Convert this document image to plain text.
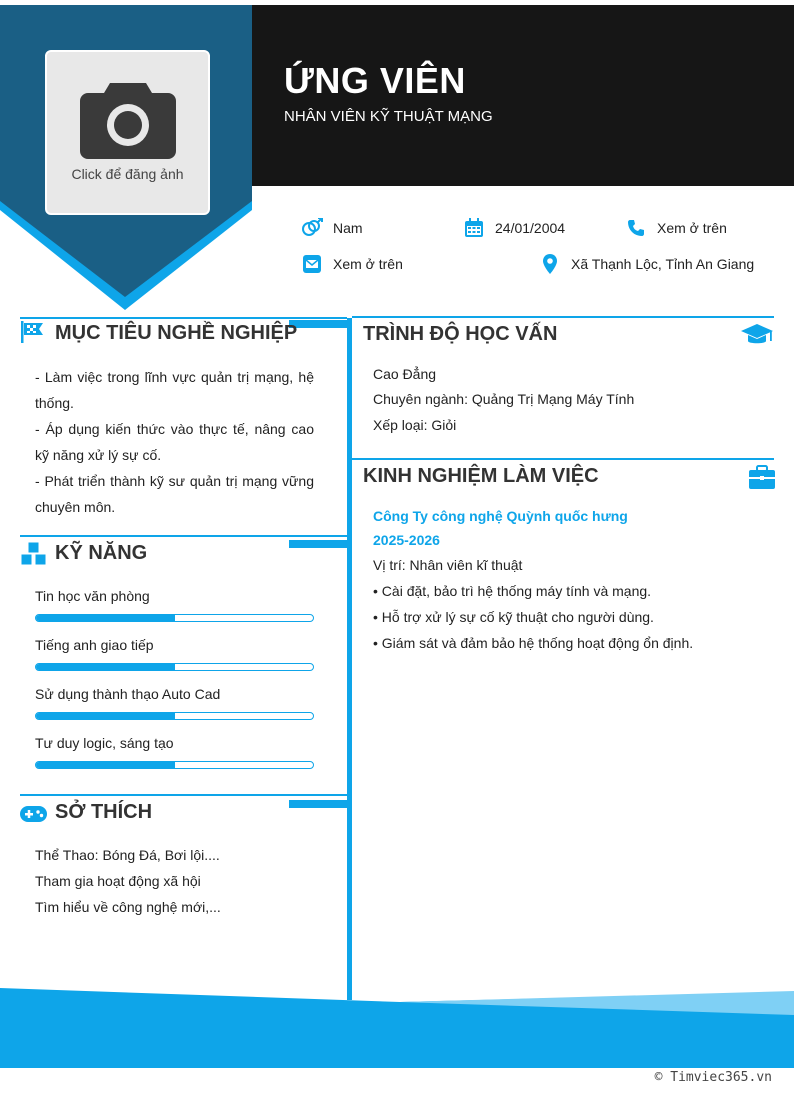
Click để đăng ảnh
ỨNG VIÊN
NHÂN VIÊN KỸ THUẬT MẠNG
Nam	24/01/2004	Xem ở trên
Xem ở trên	Xã Thạnh Lộc, Tỉnh An Giang
MỤC TIÊU NGHỀ NGHIỆP
- Làm việc trong lĩnh vực quản trị mạng, hệ thống.
- Áp dụng kiến thức vào thực tế, nâng cao kỹ năng xử lý sự cố.
- Phát triển thành kỹ sư quản trị mạng vững chuyên môn.
KỸ NĂNG
Tin học văn phòng
Tiếng anh giao tiếp
Sử dụng thành thạo Auto Cad
Tư duy logic, sáng tạo
SỞ THÍCH
Thể Thao: Bóng Đá, Bơi lội....
Tham gia hoạt động xã hội
Tìm hiểu về công nghệ mới,...
TRÌNH ĐỘ HỌC VẤN
Cao Đẳng
Chuyên ngành: Quảng Trị Mạng Máy Tính
Xếp loại: Giỏi
KINH NGHIỆM LÀM VIỆC
Công Ty công nghệ Quỳnh quốc hưng
2025-2026
Vị trí: Nhân viên kĩ thuật
• Cài đặt, bảo trì hệ thống máy tính và mạng.
• Hỗ trợ xử lý sự cố kỹ thuật cho người dùng.
• Giám sát và đảm bảo hệ thống hoạt động ổn định.
© Timviec365.vn
